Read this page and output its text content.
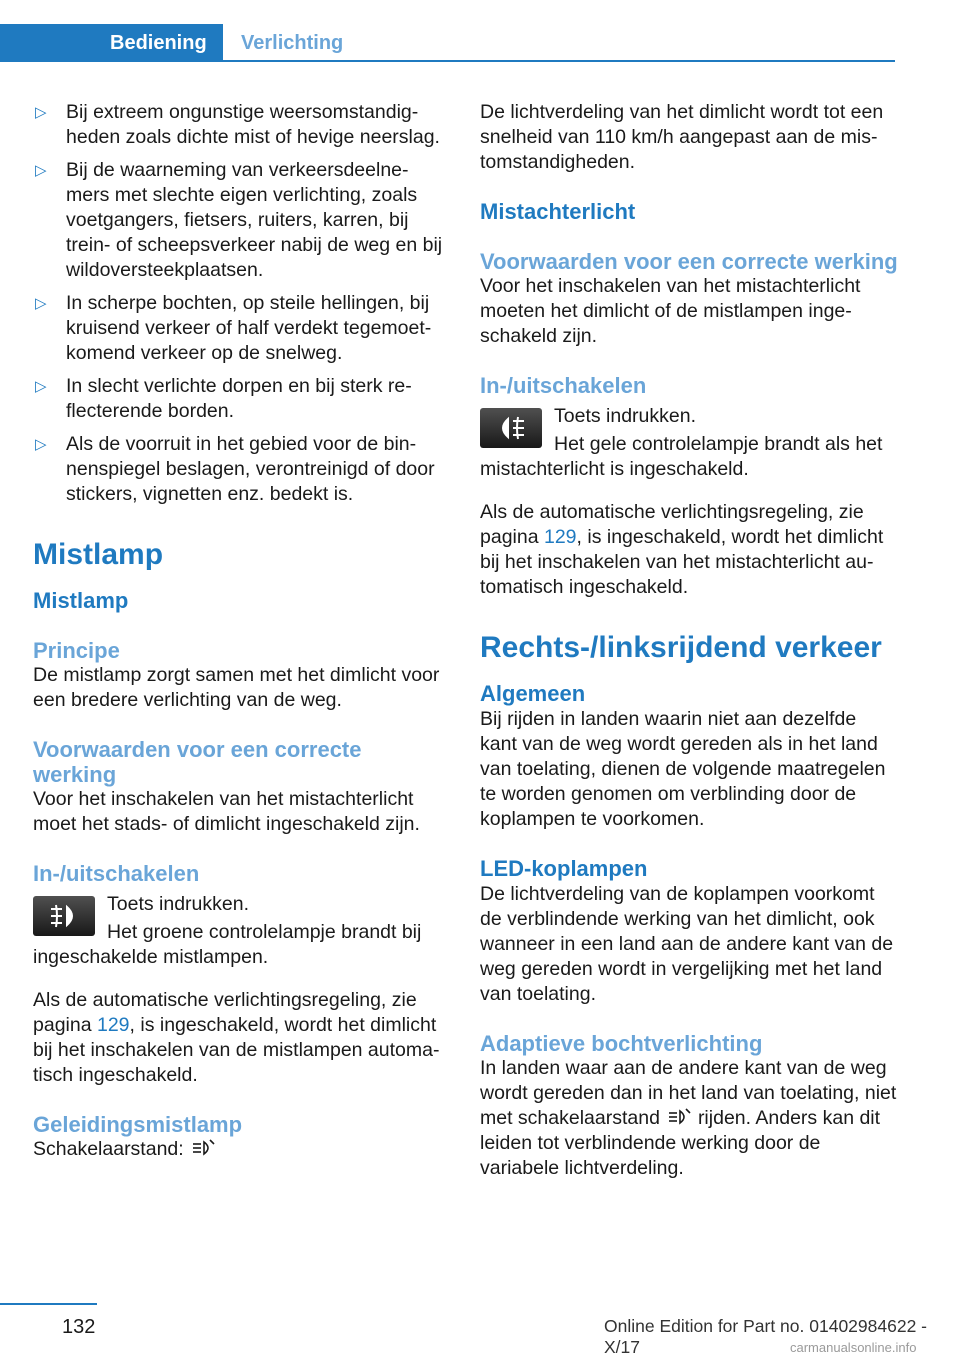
Bediening	Verlichting
▷ Bij extreem ongunstige weersomstandig-heden zoals dichte mist of hevige neerslag.
▷ Bij de waarneming van verkeersdeelne-mers met slechte eigen verlichting, zoals voetgangers, fietsers, ruiters, karren, bij trein- of scheepsverkeer nabij de weg en bij wildoversteekplaatsen.
▷ In scherpe bochten, op steile hellingen, bij kruisend verkeer of half verdekt tegemoet-komend verkeer op de snelweg.
▷ In slecht verlichte dorpen en bij sterk re-flecterende borden.
▷ Als de voorruit in het gebied voor de bin-nenspiegel beslagen, verontreinigd of door stickers, vignetten enz. bedekt is.
Mistlamp
Mistlamp
Principe

De mistlamp zorgt samen met het dimlicht voor een bredere verlichting van de weg.

Voorwaarden voor een correcte werking

Voor het inschakelen van het mistachterlicht moet het stads- of dimlicht ingeschakeld zijn.

In-/uitschakelen

Toets indrukken.

Het groene controlelampje brandt bij ingeschakelde mistlampen.

Als de automatische verlichtingsregeling, zie pagina 129, is ingeschakeld, wordt het dimlicht bij het inschakelen van de mistlampen automa-tisch ingeschakeld.

Geleidingsmistlamp

Schakelaarstand:

De lichtverdeling van het dimlicht wordt tot een snelheid van 110 km/h aangepast aan de mis-tomstandigheden.

Mistachterlicht
Voorwaarden voor een correcte werking

Voor het inschakelen van het mistachterlicht moeten het dimlicht of de mistlampen inge-schakeld zijn.

In-/uitschakelen

Toets indrukken.

Het gele controlelampje brandt als het mistachterlicht is ingeschakeld.

Als de automatische verlichtingsregeling, zie pagina 129, is ingeschakeld, wordt het dimlicht bij het inschakelen van het mistachterlicht au-tomatisch ingeschakeld.

Rechts-/linksrijdend verkeer
Algemeen

Bij rijden in landen waarin niet aan dezelfde kant van de weg wordt gereden als in het land van toelating, dienen de volgende maatregelen te worden genomen om verblinding door de koplampen te voorkomen.

LED-koplampen

De lichtverdeling van de koplampen voorkomt de verblindende werking van het dimlicht, ook wanneer in een land aan de andere kant van de weg gereden wordt in vergelijking met het land van toelating.

Adaptieve bochtverlichting

In landen waar aan de andere kant van de weg wordt gereden dan in het land van toelating, niet met schakelaarstand rijden. Anders kan dit leiden tot verblindende werking door de variabele lichtverdeling.

132	Online Edition for Part no. 01402984622 - X/17	carmanualsonline.info
